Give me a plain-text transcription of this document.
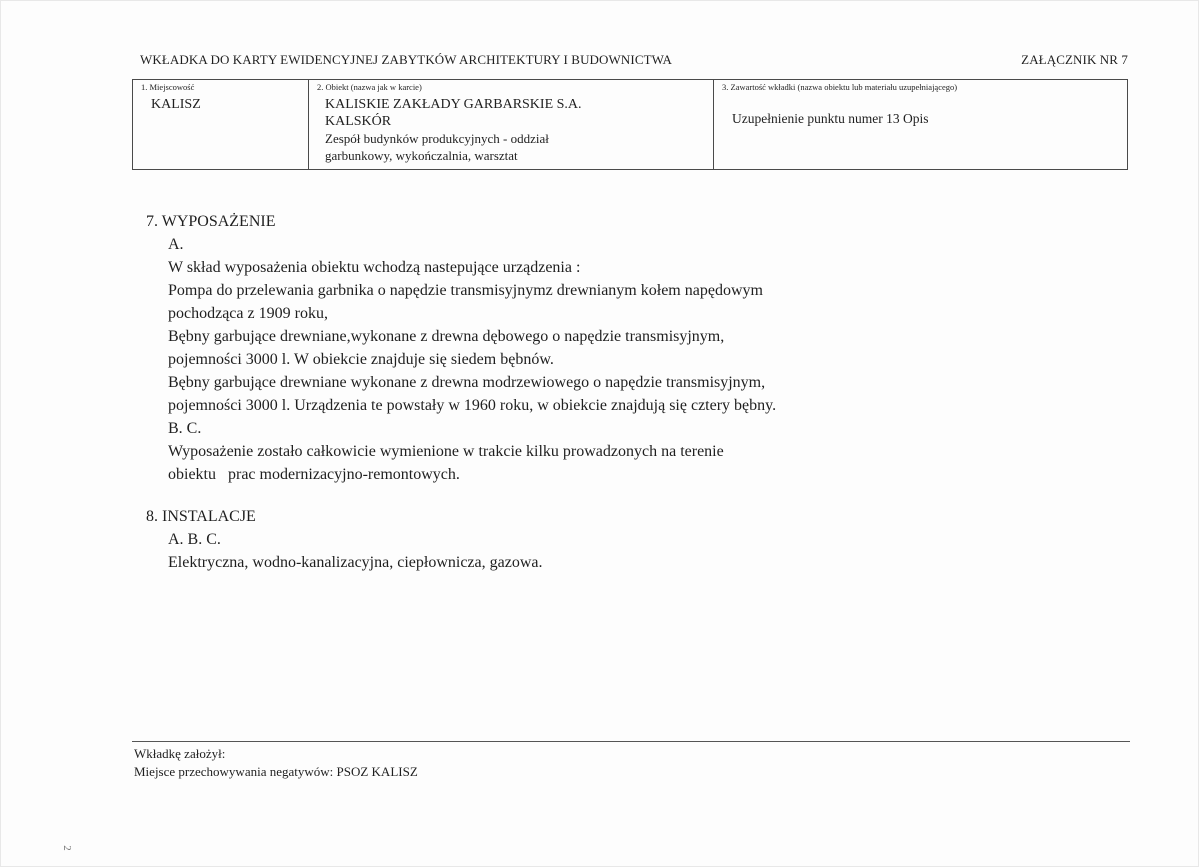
WKŁADKA DO KARTY EWIDENCYJNEJ ZABYTKÓW ARCHITEKTURY I BUDOWNICTWA	ZAŁĄCZNIK NR 7
1. Miejscowość
KALISZ
2. Obiekt (nazwa jak w karcie)
KALISKIE ZAKŁADY GARBARSKIE S.A.
KALSKÓR
Zespół budynków produkcyjnych - oddział
garbunkowy, wykończalnia, warsztat
3. Zawartość wkładki (nazwa obiektu lub materiału uzupełniającego)
Uzupełnienie punktu numer 13 Opis
7. WYPOSAŻENIE
A.
W skład wyposażenia obiektu wchodzą nastepujące urządzenia :
Pompa do przelewania garbnika o napędzie transmisyjnymz drewnianym kołem napędowym
pochodząca z 1909 roku,
Bębny garbujące drewniane,wykonane z drewna dębowego o napędzie transmisyjnym,
pojemności 3000 l. W obiekcie znajduje się siedem bębnów.
Bębny garbujące drewniane wykonane z drewna modrzewiowego o napędzie transmisyjnym,
pojemności 3000 l. Urządzenia te powstały w 1960 roku, w obiekcie znajdują się cztery bębny.
B. C.
Wyposażenie zostało całkowicie wymienione w trakcie kilku prowadzonych na terenie
obiektu   prac modernizacyjno-remontowych.
8. INSTALACJE
A. B. C.
Elektryczna, wodno-kanalizacyjna, ciepłownicza, gazowa.
Wkładkę założył:
Miejsce przechowywania negatywów: PSOZ KALISZ
2
